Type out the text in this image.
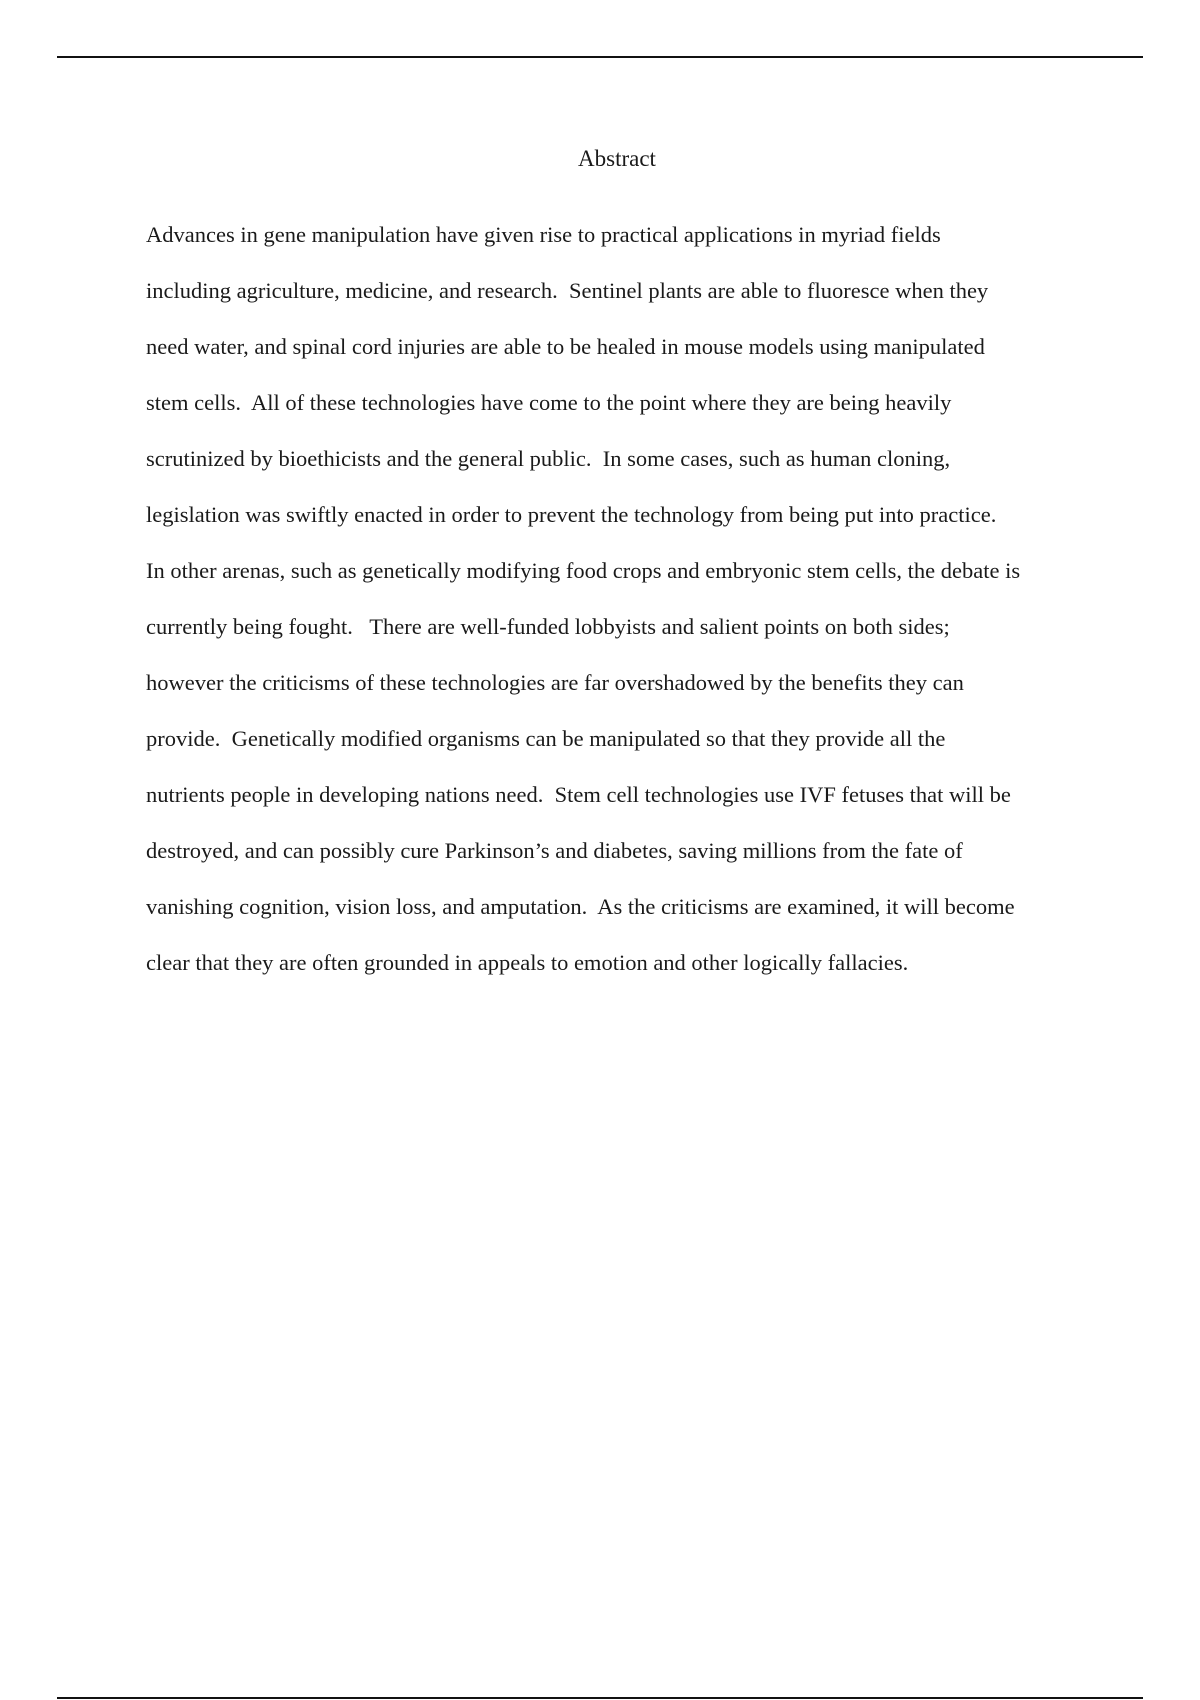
Abstract
Advances in gene manipulation have given rise to practical applications in myriad fields
including agriculture, medicine, and research.  Sentinel plants are able to fluoresce when they
need water, and spinal cord injuries are able to be healed in mouse models using manipulated
stem cells.  All of these technologies have come to the point where they are being heavily
scrutinized by bioethicists and the general public.  In some cases, such as human cloning,
legislation was swiftly enacted in order to prevent the technology from being put into practice.
In other arenas, such as genetically modifying food crops and embryonic stem cells, the debate is
currently being fought.   There are well-funded lobbyists and salient points on both sides;
however the criticisms of these technologies are far overshadowed by the benefits they can
provide.  Genetically modified organisms can be manipulated so that they provide all the
nutrients people in developing nations need.  Stem cell technologies use IVF fetuses that will be
destroyed, and can possibly cure Parkinson’s and diabetes, saving millions from the fate of
vanishing cognition, vision loss, and amputation.  As the criticisms are examined, it will become
clear that they are often grounded in appeals to emotion and other logically fallacies.
